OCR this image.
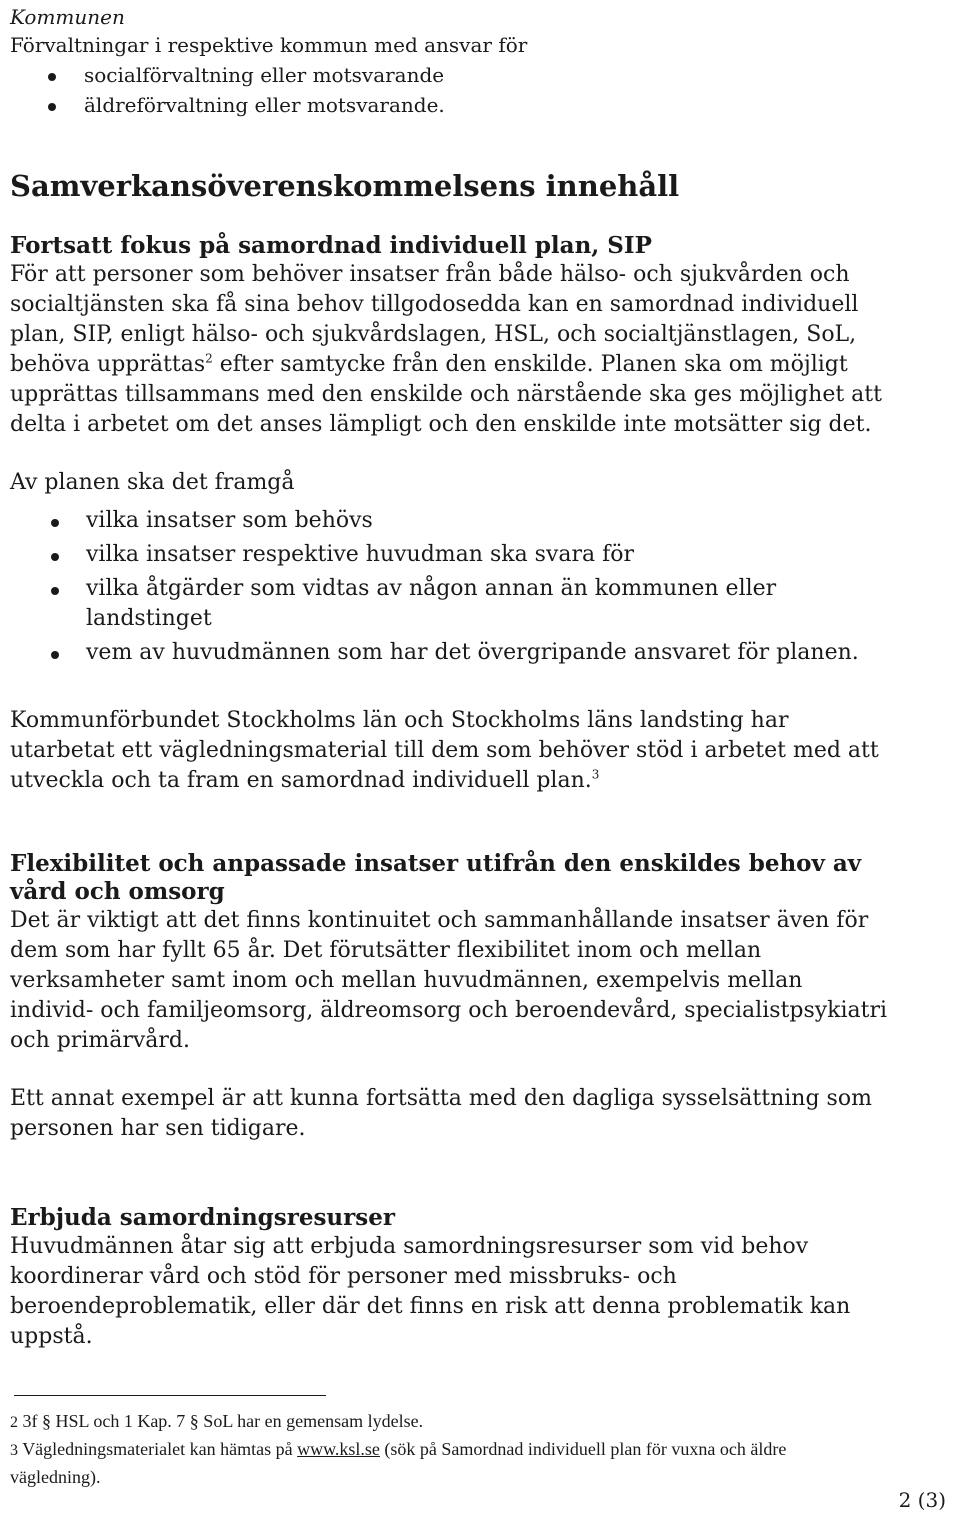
Kommunen
Förvaltningar i respektive kommun med ansvar för
socialförvaltning eller motsvarande
äldreförvaltning eller motsvarande.
Samverkansöverenskommelsens innehåll
Fortsatt fokus på samordnad individuell plan, SIP

För att personer som behöver insatser från både hälso- och sjukvården och socialtjänsten ska få sina behov tillgodosedda kan en samordnad individuell plan, SIP, enligt hälso- och sjukvårdslagen, HSL, och socialtjänstlagen, SoL, behöva upprättas$^2$ efter samtycke från den enskilde. Planen ska om möjligt upprättas tillsammans med den enskilde och närstående ska ges möjlighet att delta i arbetet om det anses lämpligt och den enskilde inte motsätter sig det.

Av planen ska det framgå

vilka insatser som behövs
vilka insatser respektive huvudman ska svara för
vilka åtgärder som vidtas av någon annan än kommunen eller landstinget
vem av huvudmännen som har det övergripande ansvaret för planen.

Kommunförbundet Stockholms län och Stockholms läns landsting har utarbetat ett vägledningsmaterial till dem som behöver stöd i arbetet med att utveckla och ta fram en samordnad individuell plan.$^3$

Flexibilitet och anpassade insatser utifrån den enskildes behov av vård och omsorg

Det är viktigt att det finns kontinuitet och sammanhållande insatser även för dem som har fyllt 65 år. Det förutsätter flexibilitet inom och mellan verksamheter samt inom och mellan huvudmännen, exempelvis mellan individ- och familjeomsorg, äldreomsorg och beroendevård, specialistpsykiatri och primärvård.

Ett annat exempel är att kunna fortsätta med den dagliga sysselsättning som personen har sen tidigare.

Erbjuda samordningsresurser

Huvudmännen åtar sig att erbjuda samordningsresurser som vid behov koordinerar vård och stöd för personer med missbruks- och beroendeproblematik, eller där det finns en risk att denna problematik kan uppstå.

2 3f § HSL och 1 Kap. 7 § SoL har en gemensam lydelse.

3 Vägledningsmaterialet kan hämtas på www.ksl.se (sök på Samordnad individuell plan för vuxna och äldre vägledning).

2 (3)
